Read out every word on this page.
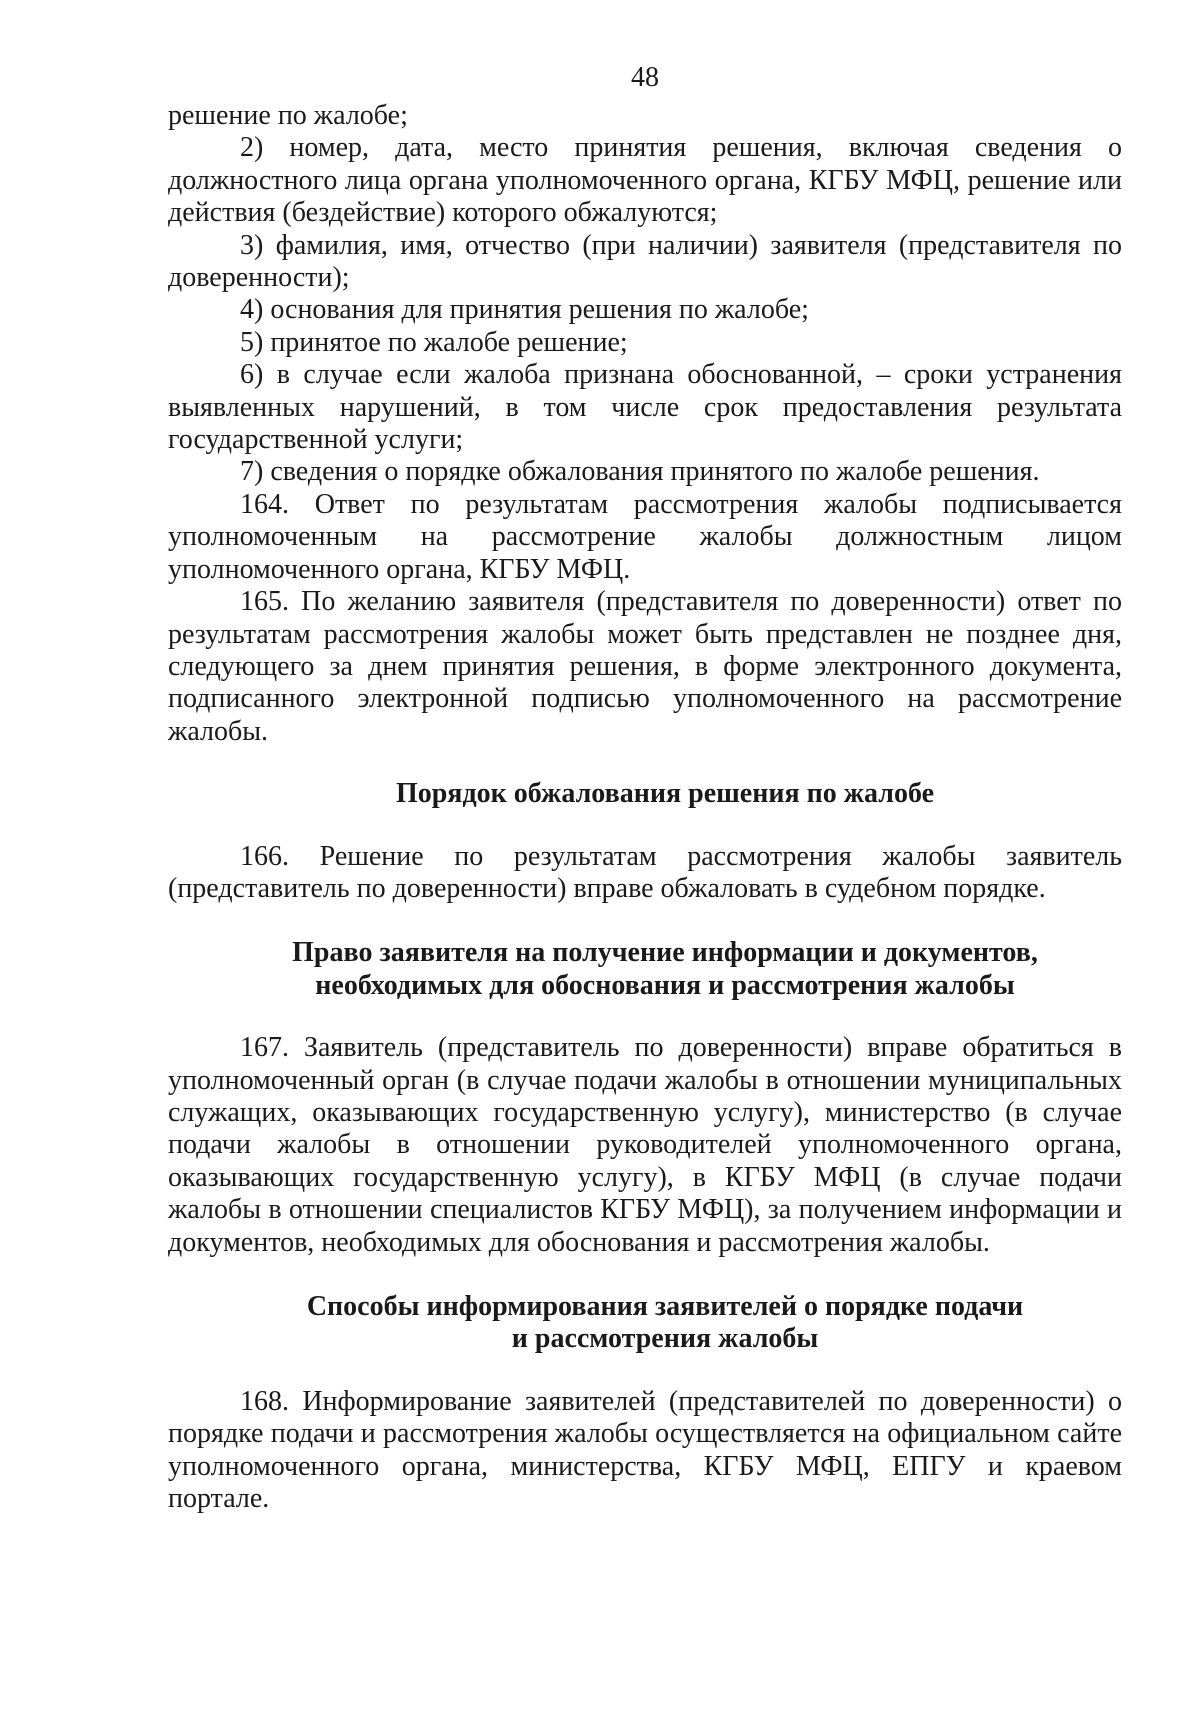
48

решение по жалобе;

2) номер, дата, место принятия решения, включая сведения о должностного лица органа уполномоченного органа, КГБУ МФЦ, решение или действия (бездействие) которого обжалуются;

3) фамилия, имя, отчество (при наличии) заявителя (представителя по доверенности);

4) основания для принятия решения по жалобе;

5) принятое по жалобе решение;

6) в случае если жалоба признана обоснованной, – сроки устранения выявленных нарушений, в том числе срок предоставления результата государственной услуги;

7) сведения о порядке обжалования принятого по жалобе решения.

164. Ответ по результатам рассмотрения жалобы подписывается уполномоченным на рассмотрение жалобы должностным лицом уполномоченного органа, КГБУ МФЦ.

165. По желанию заявителя (представителя по доверенности) ответ по результатам рассмотрения жалобы может быть представлен не позднее дня, следующего за днем принятия решения, в форме электронного документа, подписанного электронной подписью уполномоченного на рассмотрение жалобы.

Порядок обжалования решения по жалобе

166. Решение по результатам рассмотрения жалобы заявитель (представитель по доверенности) вправе обжаловать в судебном порядке.

Право заявителя на получение информации и документов,

необходимых для обоснования и рассмотрения жалобы

167. Заявитель (представитель по доверенности) вправе обратиться в уполномоченный орган (в случае подачи жалобы в отношении муниципальных служащих, оказывающих государственную услугу), министерство (в случае подачи жалобы в отношении руководителей уполномоченного органа, оказывающих государственную услугу), в КГБУ МФЦ (в случае подачи жалобы в отношении специалистов КГБУ МФЦ), за получением информации и документов, необходимых для обоснования и рассмотрения жалобы.

Способы информирования заявителей о порядке подачи

и рассмотрения жалобы

168. Информирование заявителей (представителей по доверенности) о порядке подачи и рассмотрения жалобы осуществляется на официальном сайте уполномоченного органа, министерства, КГБУ МФЦ, ЕПГУ и краевом портале.
